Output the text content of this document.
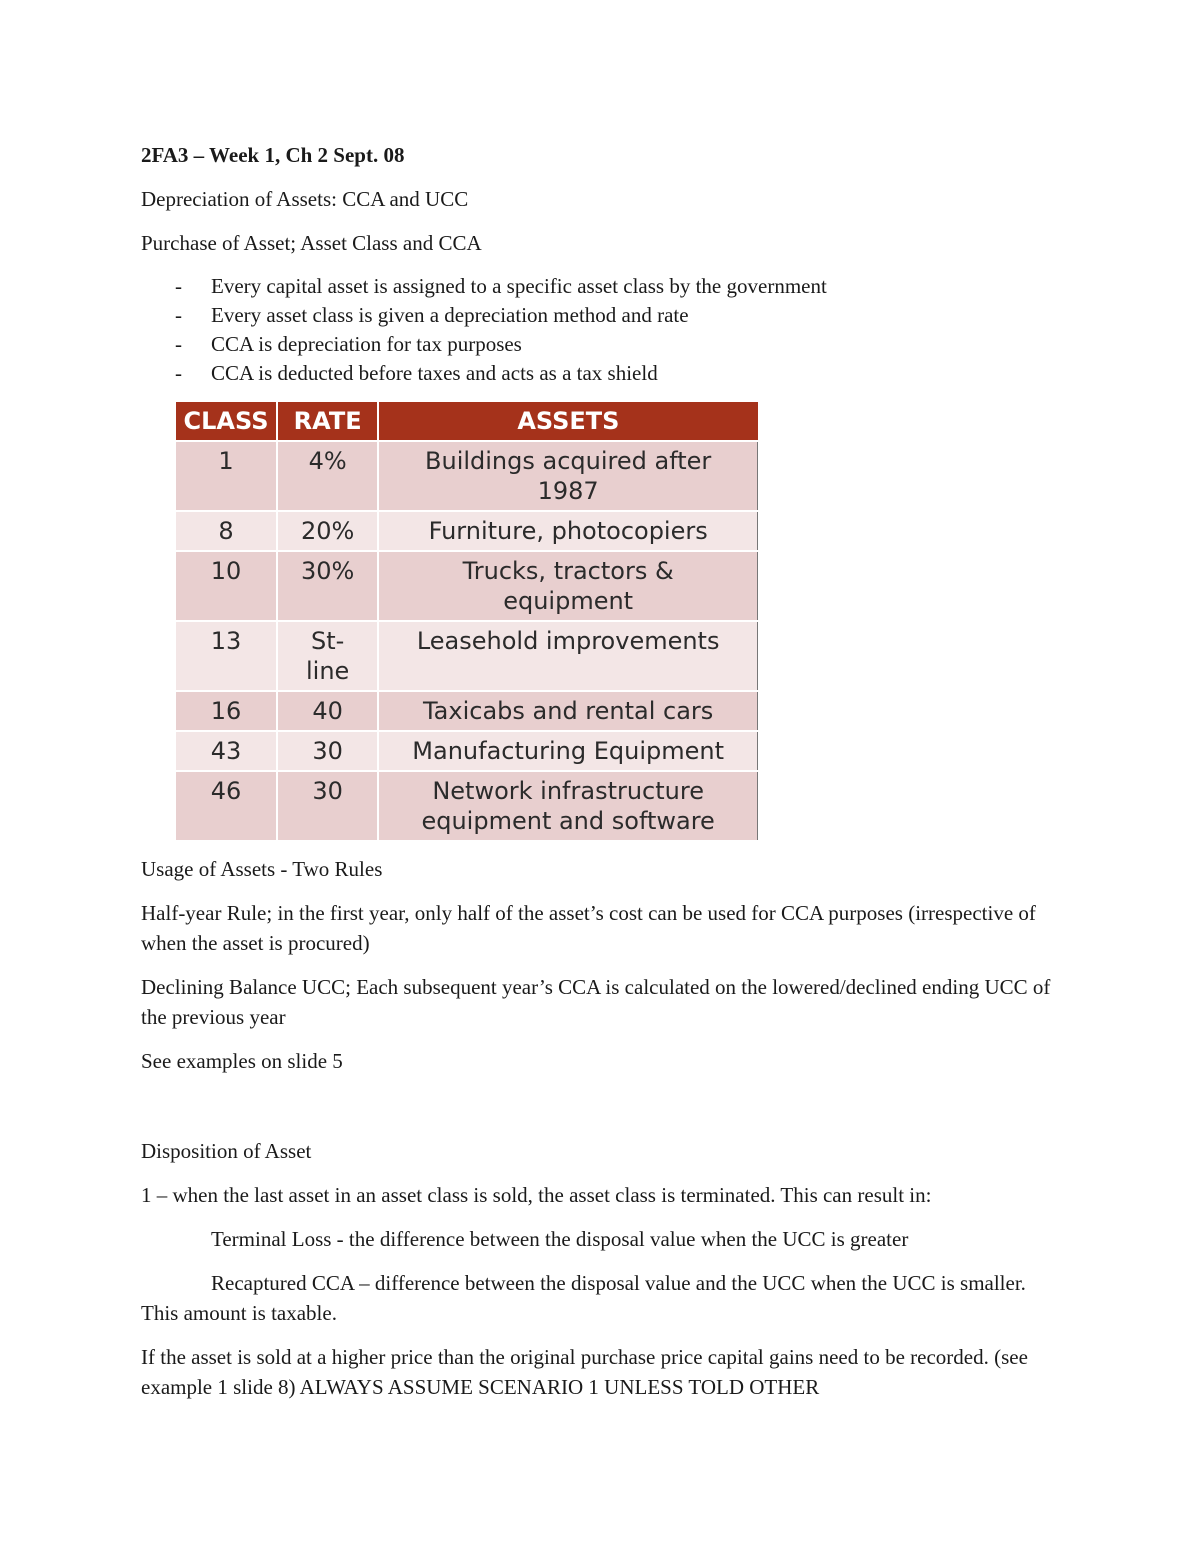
2FA3 – Week 1, Ch 2 Sept. 08
Depreciation of Assets: CCA and UCC
Purchase of Asset; Asset Class and CCA
- Every capital asset is assigned to a specific asset class by the government
- Every asset class is given a depreciation method and rate
- CCA is depreciation for tax purposes
- CCA is deducted before taxes and acts as a tax shield
CLASS	RATE	ASSETS
1	4%	Buildings acquired after 1987
8	20%	Furniture, photocopiers
10	30%	Trucks, tractors & equipment
13	St-line	Leasehold improvements
16	40	Taxicabs and rental cars
43	30	Manufacturing Equipment
46	30	Network infrastructure equipment and software
Usage of Assets - Two Rules
Half-year Rule; in the first year, only half of the asset’s cost can be used for CCA purposes (irrespective of when the asset is procured)
Declining Balance UCC; Each subsequent year’s CCA is calculated on the lowered/declined ending UCC of the previous year
See examples on slide 5
Disposition of Asset
1 – when the last asset in an asset class is sold, the asset class is terminated. This can result in:
Terminal Loss - the difference between the disposal value when the UCC is greater
Recaptured CCA – difference between the disposal value and the UCC when the UCC is smaller. This amount is taxable.
If the asset is sold at a higher price than the original purchase price capital gains need to be recorded. (see example 1 slide 8) ALWAYS ASSUME SCENARIO 1 UNLESS TOLD OTHER
